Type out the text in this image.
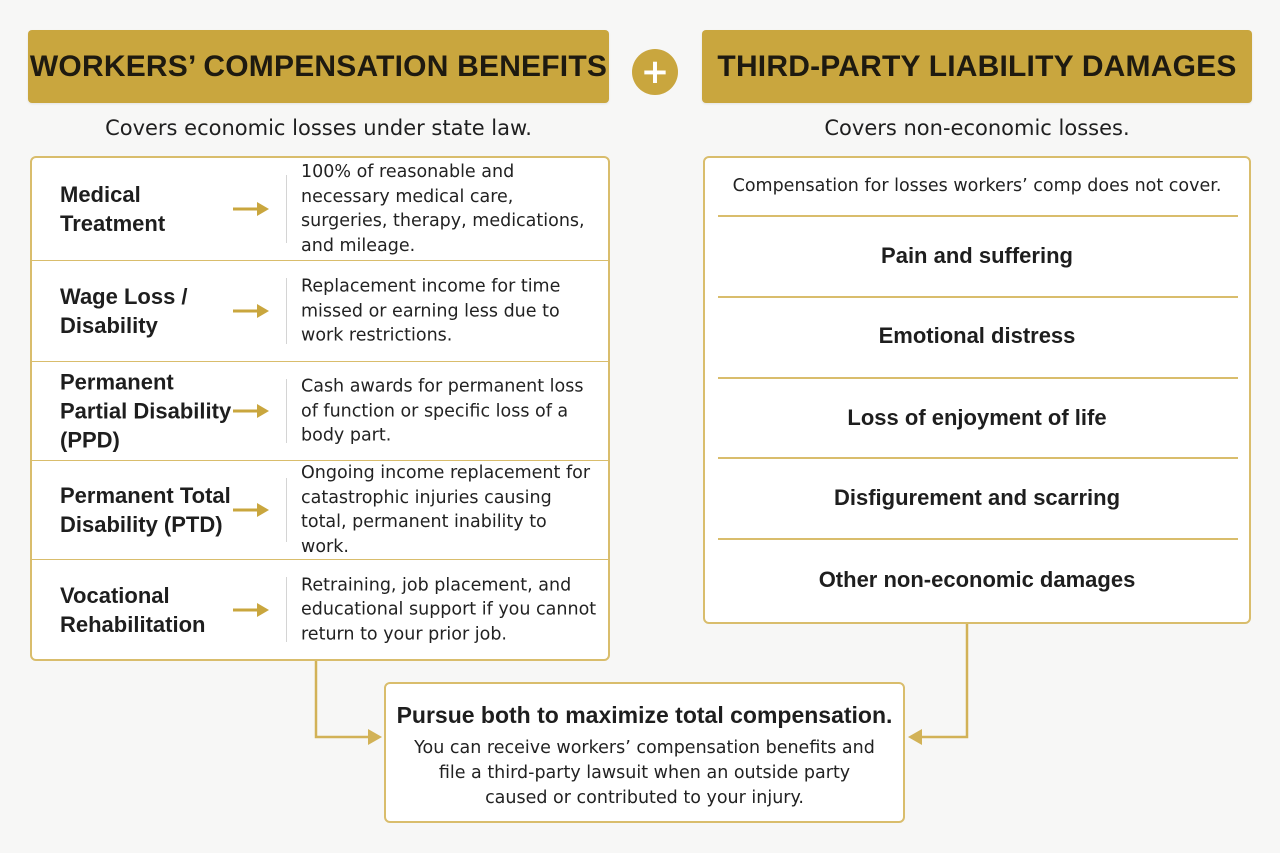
WORKERS’ COMPENSATION BENEFITS +	THIRD-PARTY LIABILITY DAMAGES
Covers economic losses under state law.	Covers non-economic losses.
Medical Treatment
100% of reasonable and necessary medical care, surgeries, therapy, medications, and mileage.
Wage Loss / Disability
Replacement income for time missed or earning less due to work restrictions.
Permanent Partial Disability (PPD)
Cash awards for permanent loss of function or specific loss of a body part.
Permanent Total Disability (PTD)
Ongoing income replacement for catastrophic injuries causing total, permanent inability to work.
Vocational Rehabilitation
Retraining, job placement, and educational support if you cannot return to your prior job.
Compensation for losses workers’ comp does not cover.
Pain and suffering
Emotional distress
Loss of enjoyment of life
Disfigurement and scarring
Other non-economic damages
Pursue both to maximize total compensation.
You can receive workers’ compensation benefits and file a third-party lawsuit when an outside party caused or contributed to your injury.
